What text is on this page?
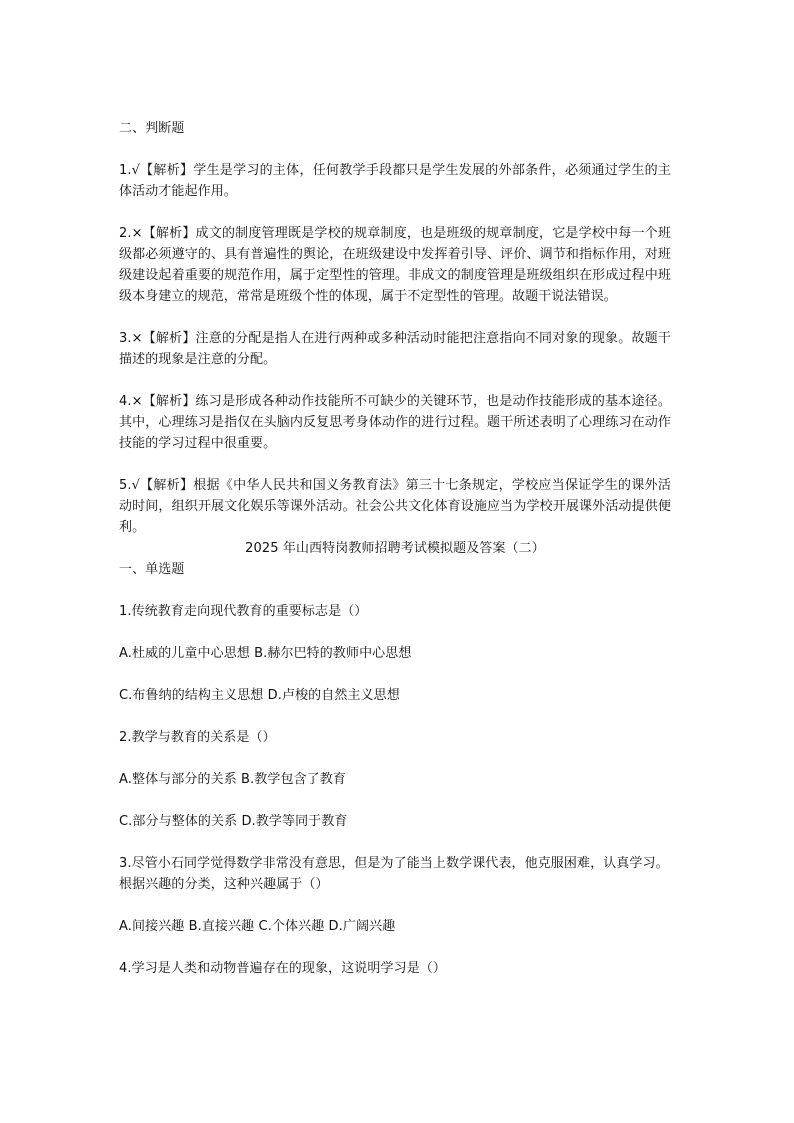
二、判断题

1.√【解析】学生是学习的主体，任何教学手段都只是学生发展的外部条件，必须通过学生的主体活动才能起作用。

2.×【解析】成文的制度管理既是学校的规章制度，也是班级的规章制度，它是学校中每一个班级都必须遵守的、具有普遍性的舆论，在班级建设中发挥着引导、评价、调节和指标作用，对班级建设起着重要的规范作用，属于定型性的管理。非成文的制度管理是班级组织在形成过程中班级本身建立的规范，常常是班级个性的体现，属于不定型性的管理。故题干说法错误。

3.×【解析】注意的分配是指人在进行两种或多种活动时能把注意指向不同对象的现象。故题干描述的现象是注意的分配。

4.×【解析】练习是形成各种动作技能所不可缺少的关键环节，也是动作技能形成的基本途径。其中，心理练习是指仅在头脑内反复思考身体动作的进行过程。题干所述表明了心理练习在动作技能的学习过程中很重要。

5.√【解析】根据《中华人民共和国义务教育法》第三十七条规定，学校应当保证学生的课外活动时间，组织开展文化娱乐等课外活动。社会公共文化体育设施应当为学校开展课外活动提供便利。

2025 年山西特岗教师招聘考试模拟题及答案（二）

一、单选题

1.传统教育走向现代教育的重要标志是（）

A.杜威的儿童中心思想 B.赫尔巴特的教师中心思想

C.布鲁纳的结构主义思想 D.卢梭的自然主义思想

2.教学与教育的关系是（）

A.整体与部分的关系 B.教学包含了教育

C.部分与整体的关系 D.教学等同于教育

3.尽管小石同学觉得数学非常没有意思，但是为了能当上数学课代表，他克服困难，认真学习。根据兴趣的分类，这种兴趣属于（）

A.间接兴趣 B.直接兴趣 C.个体兴趣 D.广阔兴趣

4.学习是人类和动物普遍存在的现象，这说明学习是（）
